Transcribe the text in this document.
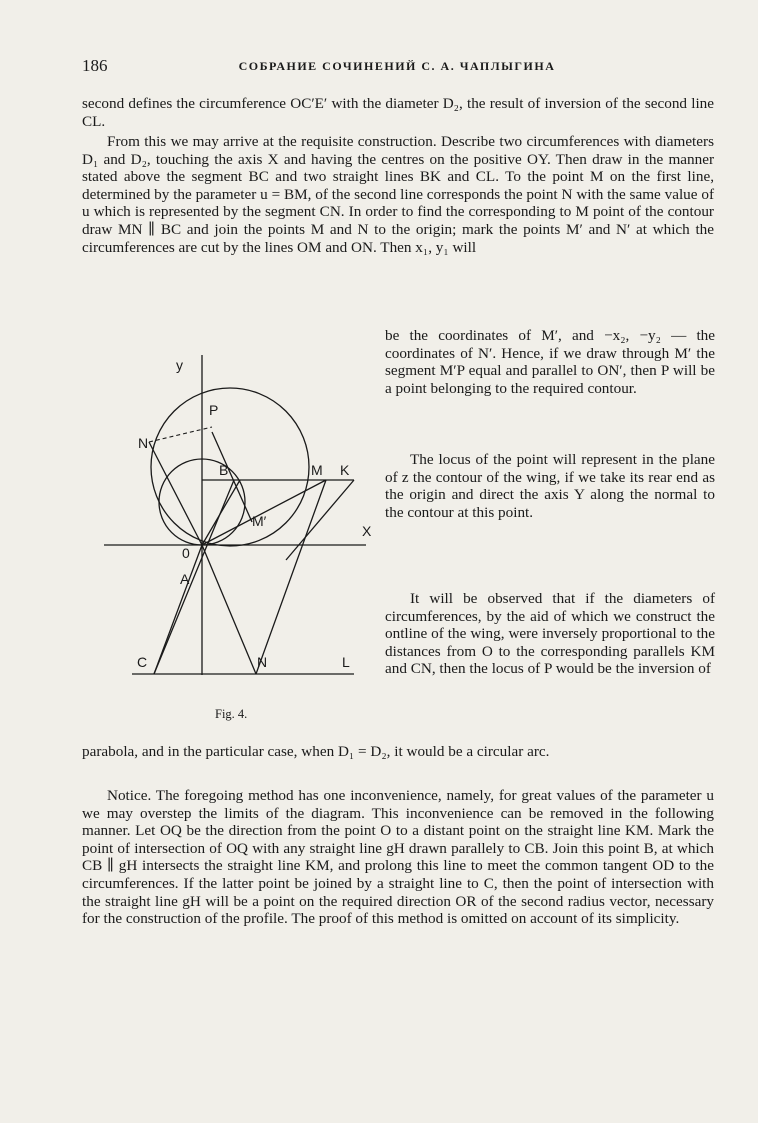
186	СОБРАНИЕ СОЧИНЕНИЙ С. А. ЧАПЛЫГИНА

second defines the circumference OC′E′ with the diameter D₂, the result of inversion of the second line CL.

From this we may arrive at the requisite construction. Describe two circumferences with diameters D₁ and D₂, touching the axis X and having the centres on the positive OY. Then draw in the manner stated above the segment BC and two straight lines BK and CL. To the point M on the first line, determined by the parameter u = BM, of the second line corresponds the point N with the same value of u which is represented by the segment CN. In order to find the corresponding to M point of the contour draw MN ∥ BC and join the points M and N to the origin; mark the points M′ and N′ at which the circumferences are cut by the lines OM and ON. Then x₁, y₁ will

be the coordinates of M′, and −x₂, −y₂ — the coordinates of N′. Hence, if we draw through M′ the segment M′P equal and parallel to ON′, then P will be a point belonging to the required contour.

The locus of the point will represent in the plane of z the contour of the wing, if we take its rear end as the origin and direct the axis Y along the normal to the contour at this point.

It will be observed that if the diameters of circumferences, by the aid of which we construct the ontline of the wing, were inversely proportional to the distances from O to the corresponding parallels KM and CN, then the locus of P would be the inversion of

parabola, and in the particular case, when D₁ = D₂, it would be a circular arc.

Notice. The foregoing method has one inconvenience, namely, for great values of the parameter u we may overstep the limits of the diagram. This inconvenience can be removed in the following manner. Let OQ be the direction from the point O to a distant point on the straight line KM. Mark the point of intersection of OQ with any straight line gH drawn parallely to CB. Join this point B, at which CB ∥ gH intersects the straight line KM, and prolong this line to meet the common tangent OD to the circumferences. If the latter point be joined by a straight line to C, then the point of intersection with the straight line gH will be a point on the required direction OR of the second radius vector, necessary for the construction of the profile. The proof of this method is omitted on account of its simplicity.

y
P
N
B	M K
M′
X
0
A
C	N	L
Fig. 4.
